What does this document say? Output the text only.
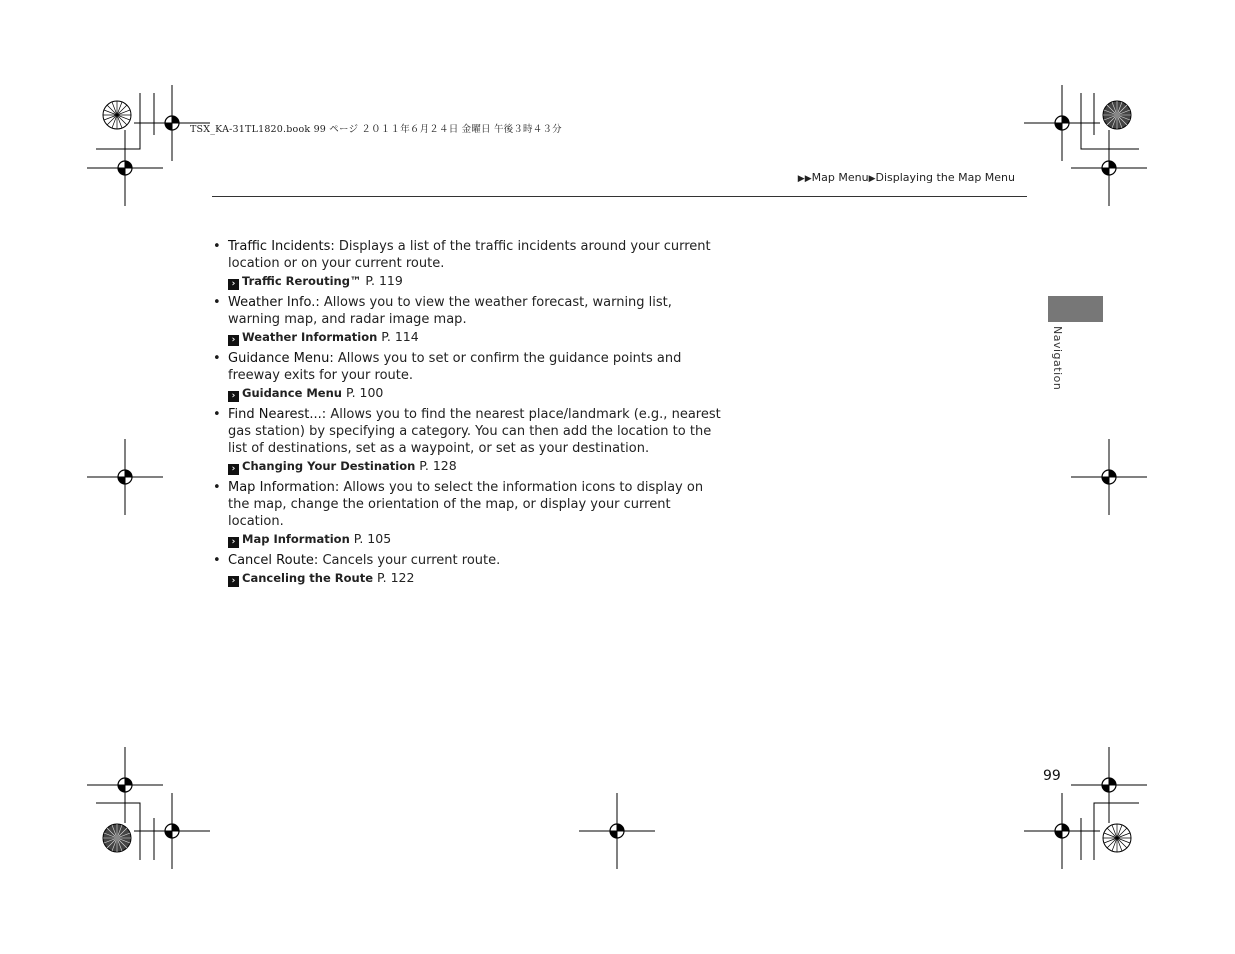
TSX_KA-31TL1820.book 99 ページ ２０１１年６月２４日 金曜日 午後３時４３分
▶▶Map Menu▶Displaying the Map Menu
• Traffic Incidents: Displays a list of the traffic incidents around your current location or on your current route.
› Traffic Rerouting™ P. 119
• Weather Info.: Allows you to view the weather forecast, warning list, warning map, and radar image map.
› Weather Information P. 114
• Guidance Menu: Allows you to set or confirm the guidance points and freeway exits for your route.
› Guidance Menu P. 100
• Find Nearest...: Allows you to find the nearest place/landmark (e.g., nearest gas station) by specifying a category. You can then add the location to the list of destinations, set as a waypoint, or set as your destination.
› Changing Your Destination P. 128
• Map Information: Allows you to select the information icons to display on the map, change the orientation of the map, or display your current location.
› Map Information P. 105
• Cancel Route: Cancels your current route.
› Canceling the Route P. 122
Navigation
99
